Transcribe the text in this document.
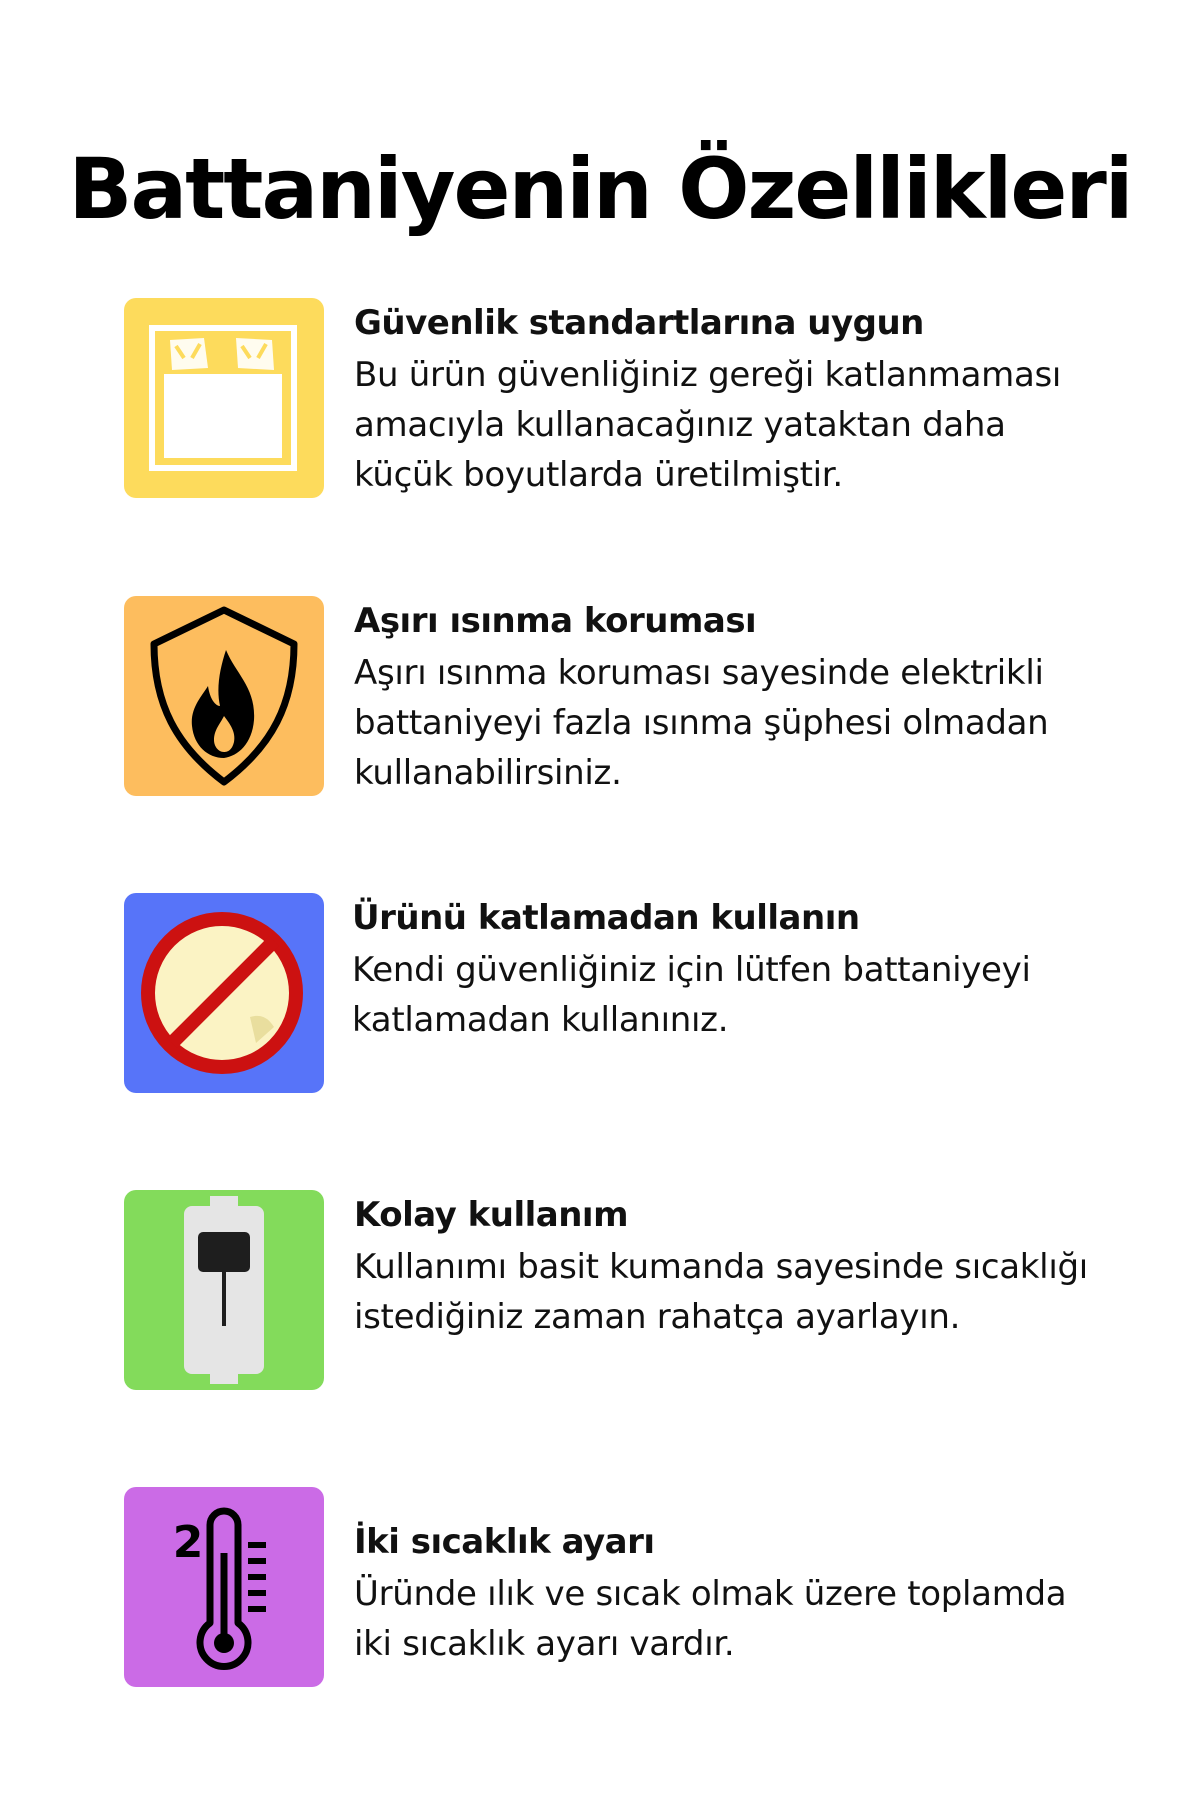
Battaniyenin Özellikleri
Güvenlik standartlarına uygun

Bu ürün güvenliğiniz gereği katlanmaması amacıyla kullanacağınız yataktan daha küçük boyutlarda üretilmiştir.

Aşırı ısınma koruması

Aşırı ısınma koruması sayesinde elektrikli battaniyeyi fazla ısınma şüphesi olmadan kullanabilirsiniz.

Ürünü katlamadan kullanın

Kendi güvenliğiniz için lütfen battaniyeyi katlamadan kullanınız.

Kolay kullanım

Kullanımı basit kumanda sayesinde sıcaklığı istediğiniz zaman rahatça ayarlayın.

2	İki sıcaklık ayarı

Üründe ılık ve sıcak olmak üzere toplamda iki sıcaklık ayarı vardır.
